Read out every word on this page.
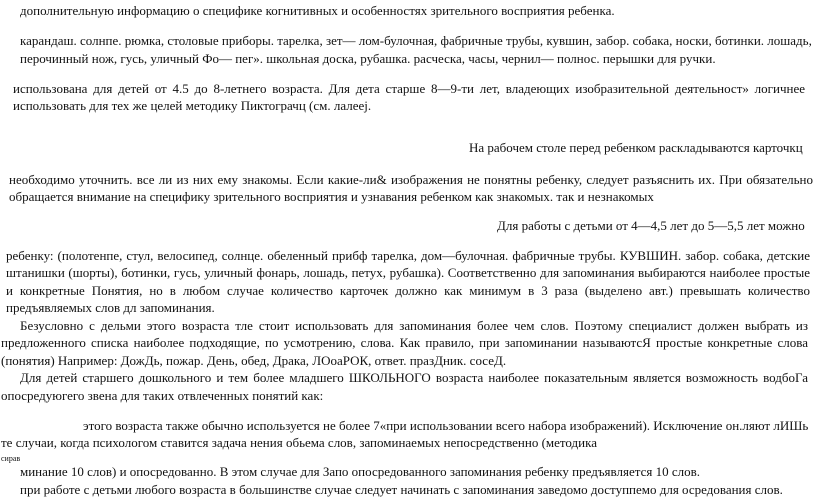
дополнительную информацию о специфике когнитивных и особенностях зрительного восприятия ребенка.
карандаш. солнпе. рюмка, столовые приборы. тарелка, зет— лом-булочная, фабричные трубы, кувшин, забор. собака, носки, ботинки. лошадь,
перочинный нож, гусь, уличный Фо— пег». школьная доска, рубашка. расческа, часы, чернил— полнос. перышки для ручки.
использована для детей от 4.5 до 8-летнего возраста. Для дета старше 8—9-ти лет, владеющих изобразительной деятельност» логичнее
использовать для тех же целей методику Пиктограчц (см. лалеej.
На рабочем столе перед ребенком раскладываются карточкц
необходимо уточнить. все ли из них ему знакомы. Если какие-ли& изображения не понятны ребенку, следует разъяснить их. При обязательно
обращается внимание на специфику зрительного восприятия и узнавания ребенком как знакомых. так и незнакомых
Для работы с детьми от 4—4,5 лет до 5—5,5 лет можно
ребенку: (полотенпе, стул, велосипед, солнце. обеленный прибф тарелка, дом—булочная. фабричные трубы. КУВШИН. забор. собака, детские
штанишки (шорты), ботинки, гусь, уличный фонарь, лошадь, петух, рубашка). Соответственно для запоминания выбираются наиболее простые
и конкретные Понятия, но в любом случае количество карточек должно как минимум в 3 раза (выделено авт.) превышать количество
предъявляемых слов дл запоминания.
Безусловно с дельми этого возраста тле стоит использовать для запоминания более чем слов. Поэтому специалист должен выбрать из
предложенного списка наиболее подходящие, по усмотрению, слова. Как правило, при запоминании называютсЯ простые конкретные слова
(понятия) Например: ДожДь, пожар. День, обед, Драка, ЛОоаРОК, ответ. празДник. сосеД.
Для детей старшего дошкольного и тем более младшего ШКОЛЬНОГО возраста наиболее показательным является возможность водбоГа
опосредуюгего звена для таких отвлеченных понятий как:
этого возраста также обычно используется не более 7«при использовании всего набора изображений). Исключение он.ляют лИШь
те случаи, когда психологом ставится задача нения обьема слов, запоминаемых непосредственно (методика
сирав
минание 10 слов) и опосредованно. В этом случае для Запо опосредованного запоминания ребенку предъявляется 10 слов.
при работе с детьми любого возраста в большинстве случае следует начинать с запоминания заведомо доступпемо для осредования слов.
